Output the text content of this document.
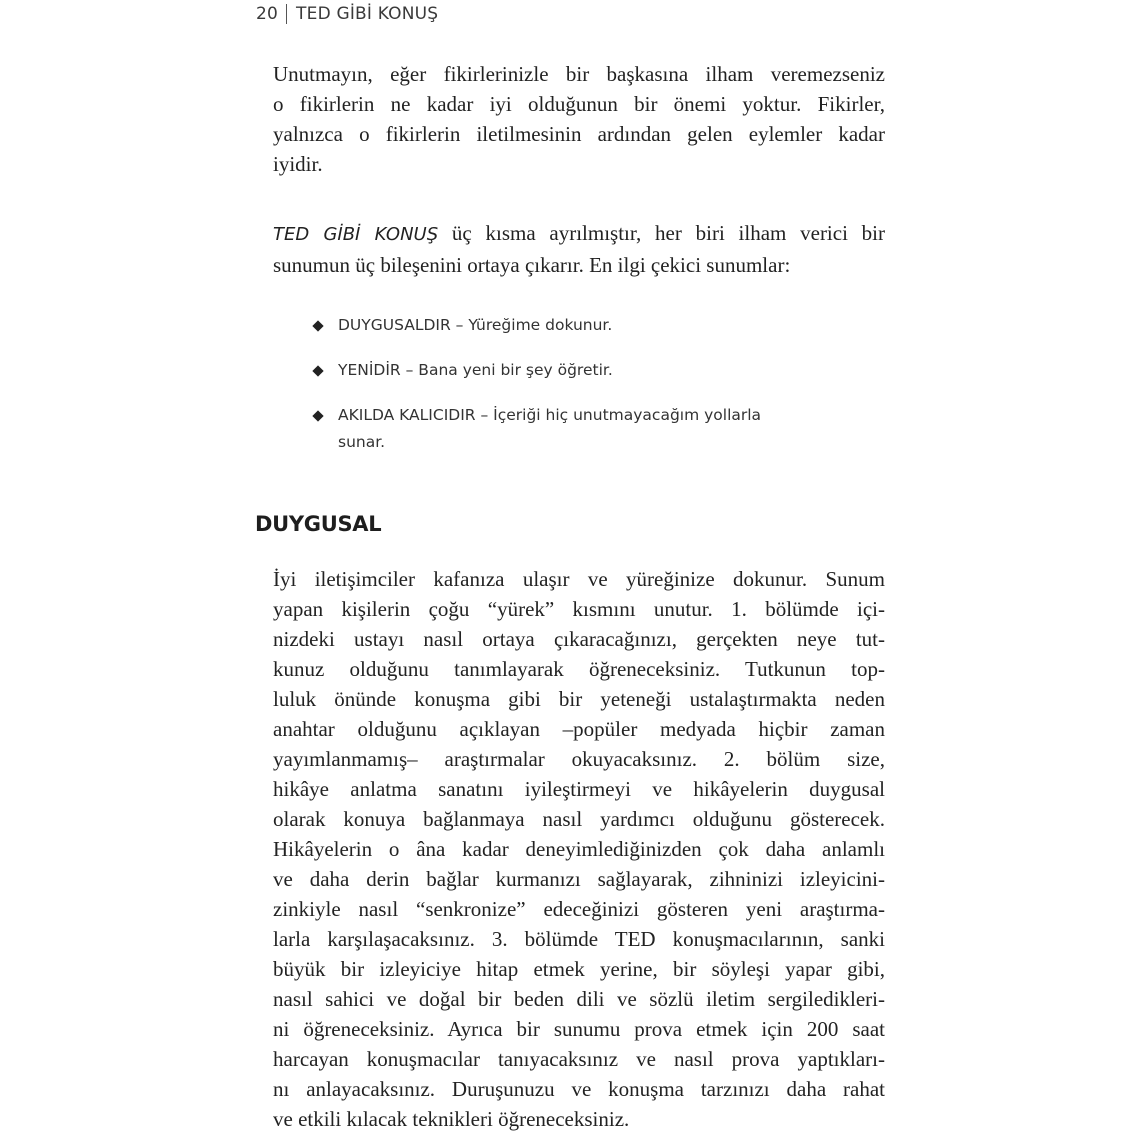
20 TED GİBİ KONUŞ
Unutmayın, eğer fikirlerinizle bir başkasına ilham veremezseniz
o fikirlerin ne kadar iyi olduğunun bir önemi yoktur. Fikirler,
yalnızca o fikirlerin iletilmesinin ardından gelen eylemler kadar
iyidir.
TED GİBİ KONUŞ üç kısma ayrılmıştır, her biri ilham verici bir
sunumun üç bileşenini ortaya çıkarır. En ilgi çekici sunumlar:
DUYGUSALDIR – Yüreğime dokunur.
YENİDİR – Bana yeni bir şey öğretir.
AKILDA KALICIDIR – İçeriği hiç unutmayacağım yollarla
sunar.
DUYGUSAL
İyi iletişimciler kafanıza ulaşır ve yüreğinize dokunur. Sunum
yapan kişilerin çoğu “yürek” kısmını unutur. 1. bölümde içi-
nizdeki ustayı nasıl ortaya çıkaracağınızı, gerçekten neye tut-
kunuz olduğunu tanımlayarak öğreneceksiniz. Tutkunun top-
luluk önünde konuşma gibi bir yeteneği ustalaştırmakta neden
anahtar olduğunu açıklayan –popüler medyada hiçbir zaman
yayımlanmamış– araştırmalar okuyacaksınız. 2. bölüm size,
hikâye anlatma sanatını iyileştirmeyi ve hikâyelerin duygusal
olarak konuya bağlanmaya nasıl yardımcı olduğunu gösterecek.
Hikâyelerin o âna kadar deneyimlediğinizden çok daha anlamlı
ve daha derin bağlar kurmanızı sağlayarak, zihninizi izleyicini-
zinkiyle nasıl “senkronize” edeceğinizi gösteren yeni araştırma-
larla karşılaşacaksınız. 3. bölümde TED konuşmacılarının, sanki
büyük bir izleyiciye hitap etmek yerine, bir söyleşi yapar gibi,
nasıl sahici ve doğal bir beden dili ve sözlü iletim sergiledikleri-
ni öğreneceksiniz. Ayrıca bir sunumu prova etmek için 200 saat
harcayan konuşmacılar tanıyacaksınız ve nasıl prova yaptıkları-
nı anlayacaksınız. Duruşunuzu ve konuşma tarzınızı daha rahat
ve etkili kılacak teknikleri öğreneceksiniz.
